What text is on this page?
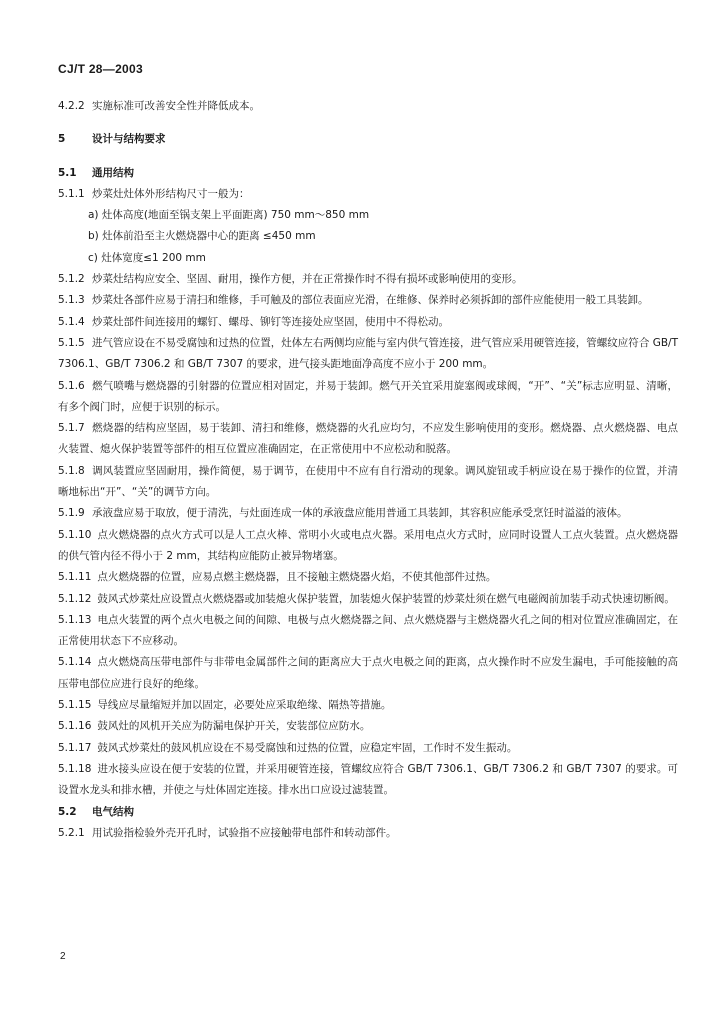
CJ/T 28—2003

4.2.2 实施标准可改善安全性并降低成本。

5	设计与结构要求

5.1 通用结构

5.1.1 炒菜灶灶体外形结构尺寸一般为：

a) 灶体高度(地面至锅支架上平面距离) 750 mm～850 mm

b) 灶体前沿至主火燃烧器中心的距离 ≤450 mm

c) 灶体宽度≤1 200 mm

5.1.2 炒菜灶结构应安全、坚固、耐用，操作方便，并在正常操作时不得有损坏或影响使用的变形。

5.1.3 炒菜灶各部件应易于清扫和维修，手可触及的部位表面应光滑，在维修、保养时必须拆卸的部件应能使用一般工具装卸。

5.1.4 炒菜灶部件间连接用的螺钉、螺母、铆钉等连接处应坚固，使用中不得松动。

5.1.5 进气管应设在不易受腐蚀和过热的位置，灶体左右两侧均应能与室内供气管连接，进气管应采用硬管连接，管螺纹应符合 GB/T 7306.1、GB/T 7306.2 和 GB/T 7307 的要求，进气接头距地面净高度不应小于 200 mm。

5.1.6 燃气喷嘴与燃烧器的引射器的位置应相对固定，并易于装卸。燃气开关宜采用旋塞阀或球阀，“开”、“关”标志应明显、清晰，有多个阀门时，应便于识别的标示。

5.1.7 燃烧器的结构应坚固，易于装卸、清扫和维修，燃烧器的火孔应均匀，不应发生影响使用的变形。燃烧器、点火燃烧器、电点火装置、熄火保护装置等部件的相互位置应准确固定，在正常使用中不应松动和脱落。

5.1.8 调风装置应坚固耐用，操作简便，易于调节，在使用中不应有自行滑动的现象。调风旋钮或手柄应设在易于操作的位置，并清晰地标出“开”、“关”的调节方向。

5.1.9 承液盘应易于取放，便于清洗，与灶面连成一体的承液盘应能用普通工具装卸，其容积应能承受烹饪时溢溢的液体。

5.1.10 点火燃烧器的点火方式可以是人工点火棒、常明小火或电点火器。采用电点火方式时，应同时设置人工点火装置。点火燃烧器的供气管内径不得小于 2 mm，其结构应能防止被异物堵塞。

5.1.11 点火燃烧器的位置，应易点燃主燃烧器，且不接触主燃烧器火焰，不使其他部件过热。

5.1.12 鼓风式炒菜灶应设置点火燃烧器或加装熄火保护装置，加装熄火保护装置的炒菜灶须在燃气电磁阀前加装手动式快速切断阀。

5.1.13 电点火装置的两个点火电极之间的间隙、电极与点火燃烧器之间、点火燃烧器与主燃烧器火孔之间的相对位置应准确固定，在正常使用状态下不应移动。

5.1.14 点火燃烧高压带电部件与非带电金属部件之间的距离应大于点火电极之间的距离，点火操作时不应发生漏电，手可能接触的高压带电部位应进行良好的绝缘。

5.1.15 导线应尽量缩短并加以固定，必要处应采取绝缘、隔热等措施。

5.1.16 鼓风灶的风机开关应为防漏电保护开关，安装部位应防水。

5.1.17 鼓风式炒菜灶的鼓风机应设在不易受腐蚀和过热的位置，应稳定牢固，工作时不发生振动。

5.1.18 进水接头应设在便于安装的位置，并采用硬管连接，管螺纹应符合 GB/T 7306.1、GB/T 7306.2 和 GB/T 7307 的要求。可设置水龙头和排水槽，并使之与灶体固定连接。排水出口应设过滤装置。

5.2 电气结构

5.2.1 用试验指检验外壳开孔时，试验指不应接触带电部件和转动部件。

2
